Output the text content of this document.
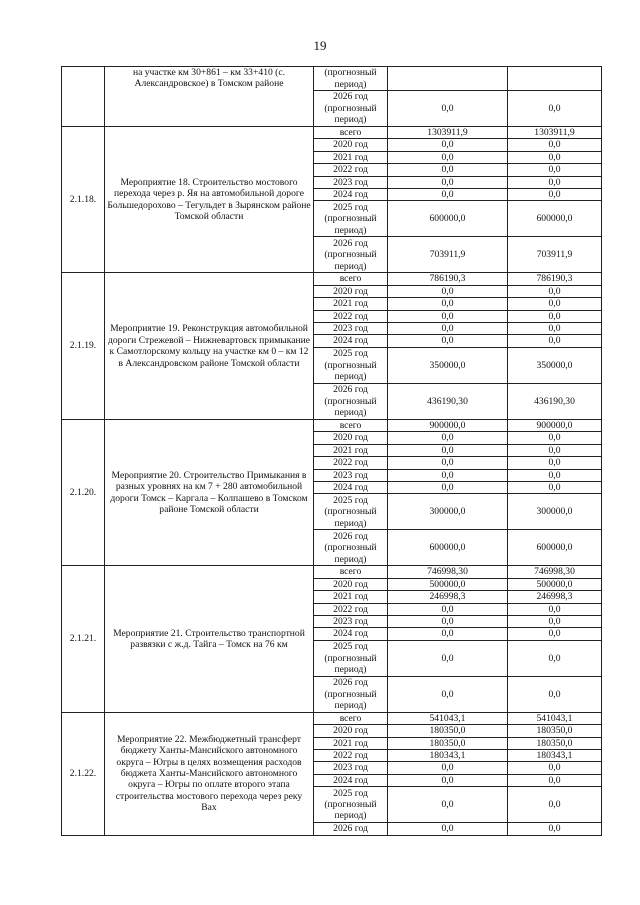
19
	на участке км 30+861 – км 33+410 (с. Александровское) в Томском районе	(прогнозный период)		
		2026 год (прогнозный период)	0,0	0,0
2.1.18.	Мероприятие 18. Строительство мостового перехода через р. Яя на автомобильной дороге Большедорохово – Тегульдет в Зырянском районе Томской области	всего	1303911,9	1303911,9
		2020 год	0,0	0,0
		2021 год	0,0	0,0
		2022 год	0,0	0,0
		2023 год	0,0	0,0
		2024 год	0,0	0,0
		2025 год (прогнозный период)	600000,0	600000,0
		2026 год (прогнозный период)	703911,9	703911,9
2.1.19.	Мероприятие 19. Реконструкция автомобильной дороги Стрежевой – Нижневартовск примыкание к Самотлорскому кольцу на участке км 0 – км 12 в Александровском районе Томской области	всего	786190,3	786190,3
		2020 год	0,0	0,0
		2021 год	0,0	0,0
		2022 год	0,0	0,0
		2023 год	0,0	0,0
		2024 год	0,0	0,0
		2025 год (прогнозный период)	350000,0	350000,0
		2026 год (прогнозный период)	436190,30	436190,30
2.1.20.	Мероприятие 20. Строительство Примыкания в разных уровнях на км 7 + 280 автомобильной дороги Томск – Каргала – Колпашево в Томском районе Томской области	всего	900000,0	900000,0
		2020 год	0,0	0,0
		2021 год	0,0	0,0
		2022 год	0,0	0,0
		2023 год	0,0	0,0
		2024 год	0,0	0,0
		2025 год (прогнозный период)	300000,0	300000,0
		2026 год (прогнозный период)	600000,0	600000,0
2.1.21.	Мероприятие 21. Строительство транспортной развязки с ж.д. Тайга – Томск на 76 км	всего	746998,30	746998,30
		2020 год	500000,0	500000,0
		2021 год	246998,3	246998,3
		2022 год	0,0	0,0
		2023 год	0,0	0,0
		2024 год	0,0	0,0
		2025 год (прогнозный период)	0,0	0,0
		2026 год (прогнозный период)	0,0	0,0
2.1.22.	Мероприятие 22. Межбюджетный трансферт бюджету Ханты-Мансийского автономного округа – Югры в целях возмещения расходов бюджета Ханты-Мансийского автономного округа – Югры по оплате второго этапа строительства мостового перехода через реку Вах	всего	541043,1	541043,1
		2020 год	180350,0	180350,0
		2021 год	180350,0	180350,0
		2022 год	180343,1	180343,1
		2023 год	0,0	0,0
		2024 год	0,0	0,0
		2025 год (прогнозный период)	0,0	0,0
		2026 год	0,0	0,0
